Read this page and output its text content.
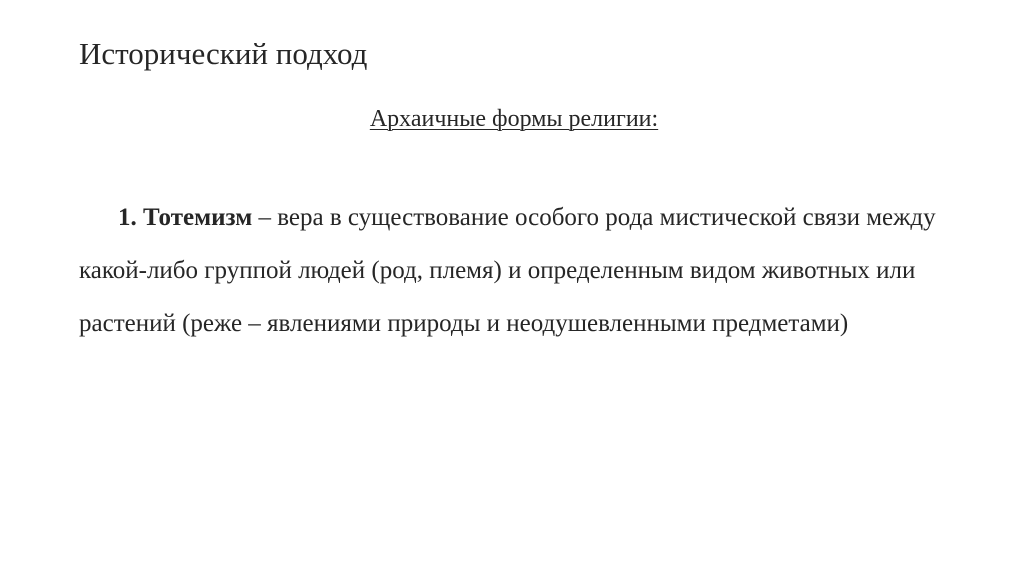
Исторический подход
Архаичные формы религии:

1. Тотемизм – вера в существование особого рода мистической связи между какой-либо группой людей (род, племя) и определенным видом животных или растений (реже – явлениями природы и неодушевленными предметами)
